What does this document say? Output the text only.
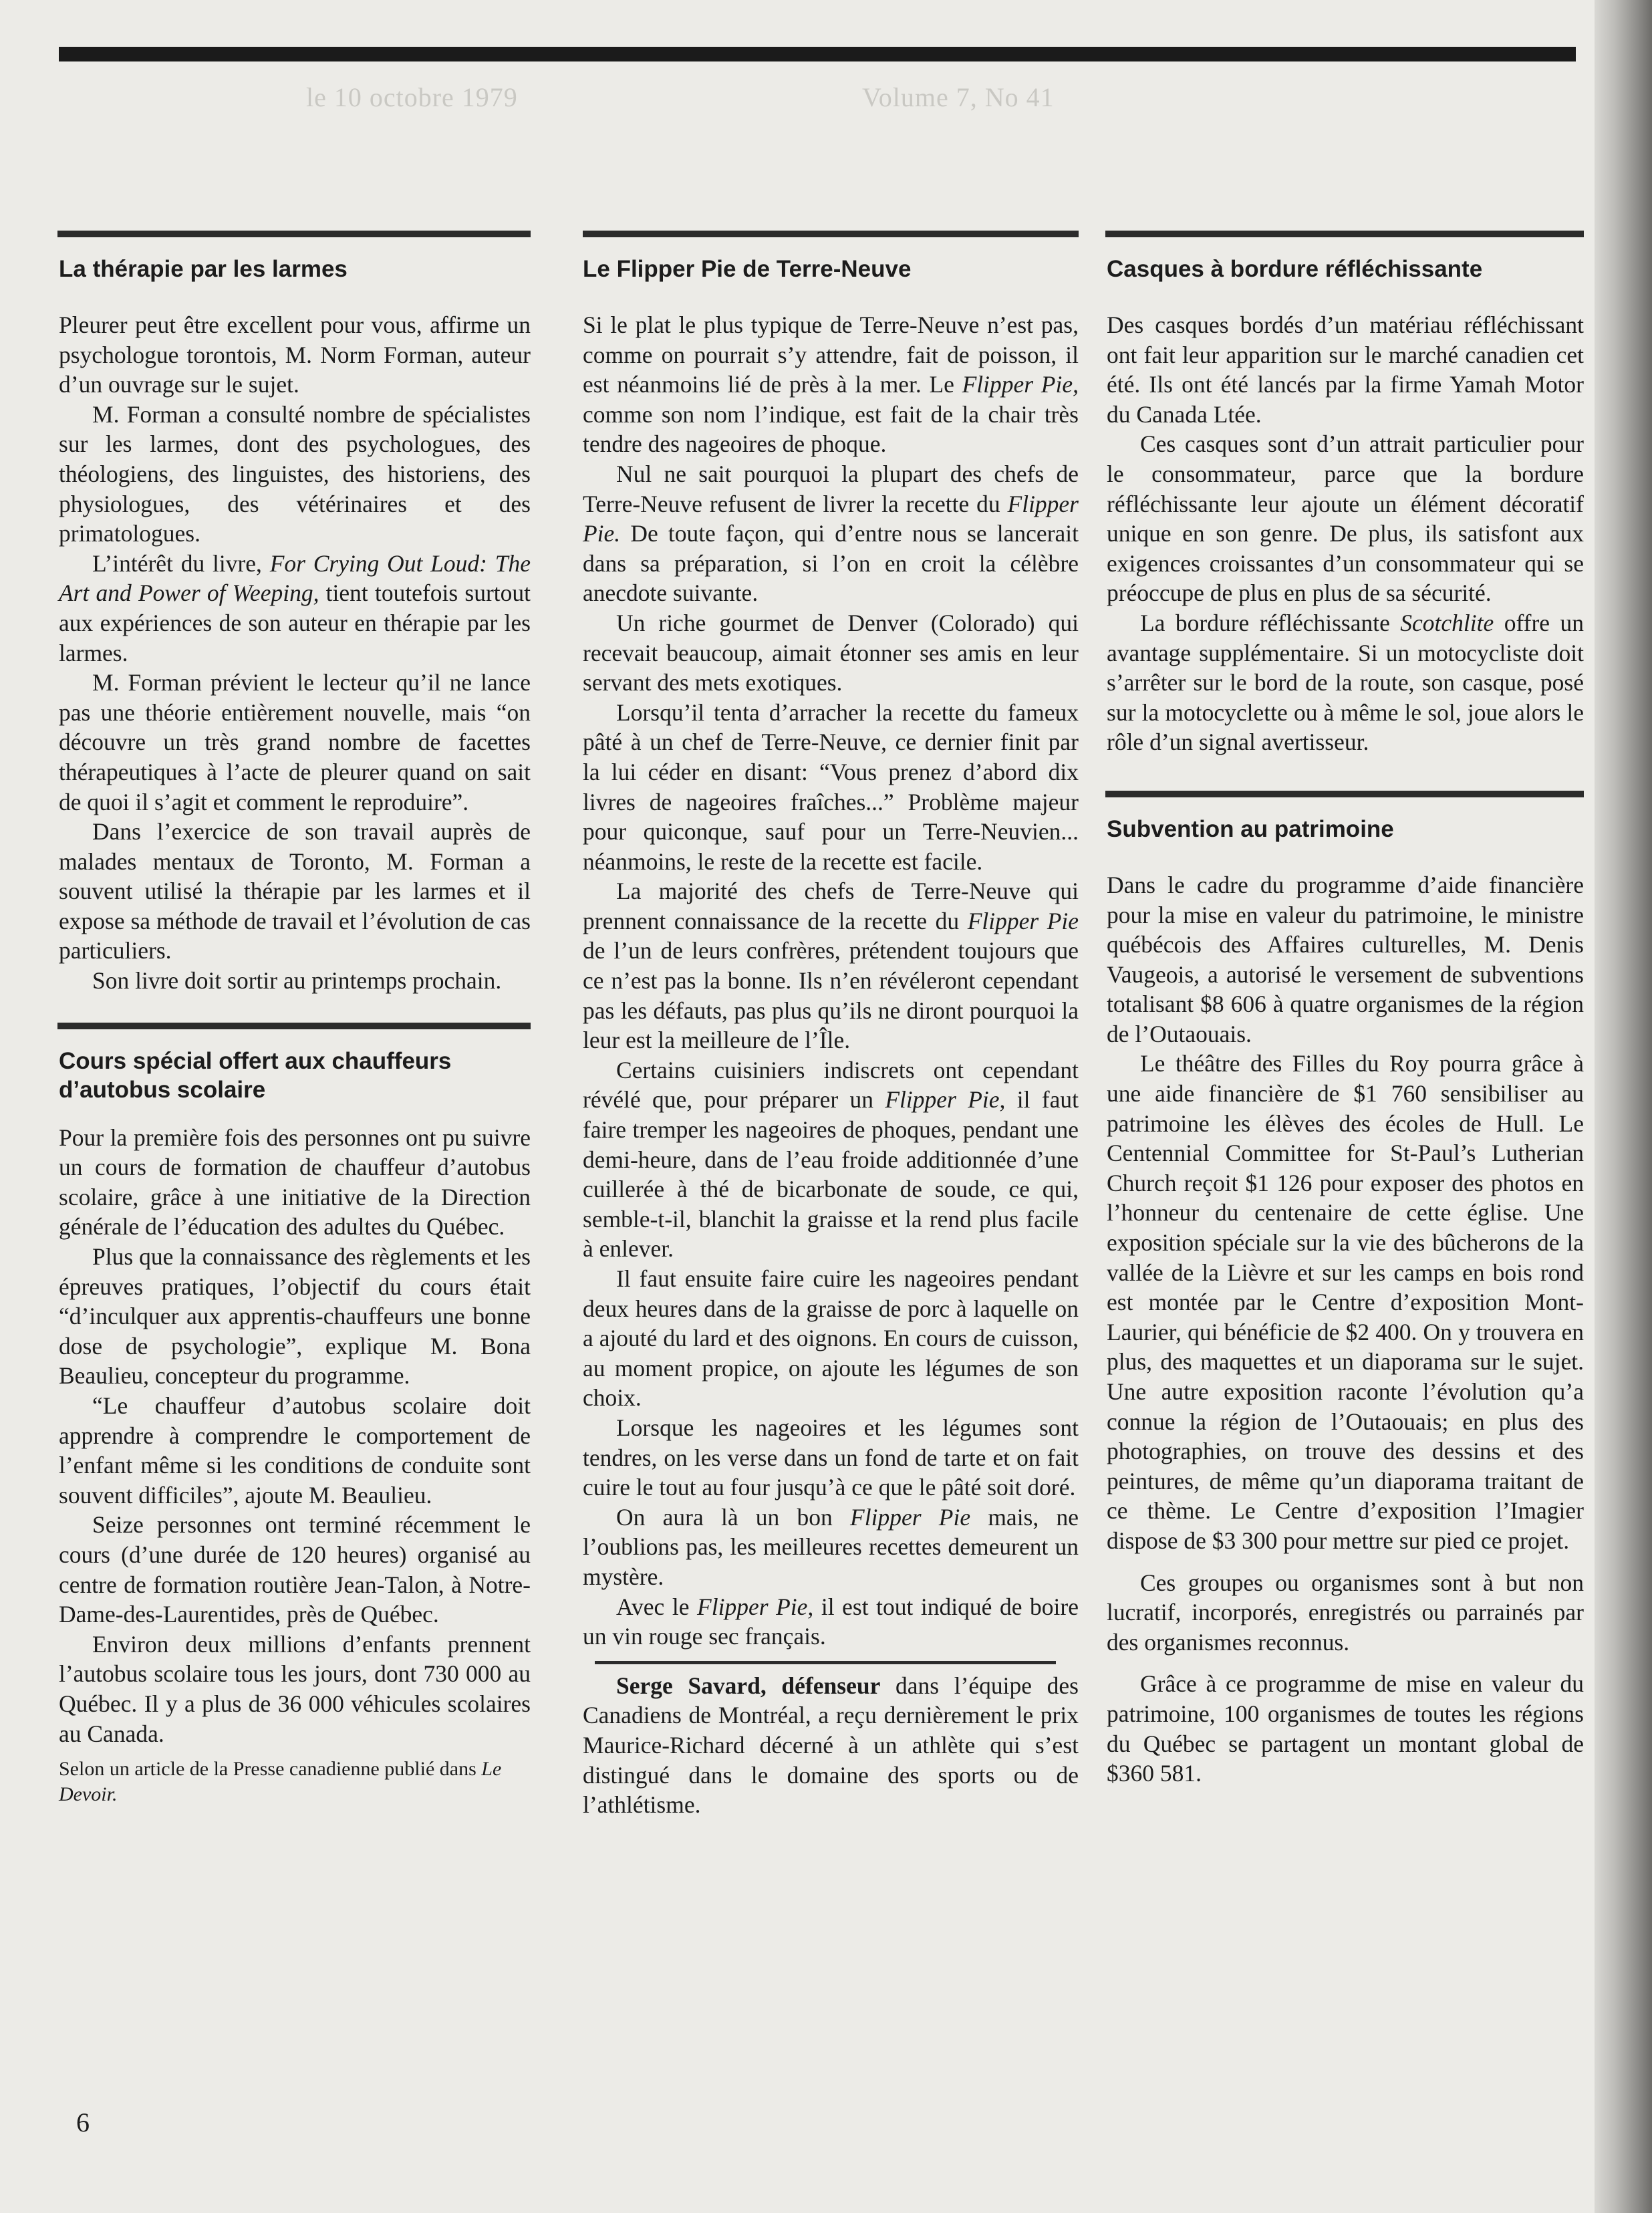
Volume 7, No 41
le 10 octobre 1979
La thérapie par les larmes

Pleurer peut être excellent pour vous, affirme un psychologue torontois, M. Norm Forman, auteur d’un ouvrage sur le sujet.

M. Forman a consulté nombre de spécialistes sur les larmes, dont des psychologues, des théologiens, des linguistes, des historiens, des physiologues, des vétérinaires et des primatologues.

L’intérêt du livre, For Crying Out Loud: The Art and Power of Weeping, tient toutefois surtout aux expériences de son auteur en thérapie par les larmes.

M. Forman prévient le lecteur qu’il ne lance pas une théorie entièrement nouvelle, mais “on découvre un très grand nombre de facettes thérapeutiques à l’acte de pleurer quand on sait de quoi il s’agit et comment le reproduire”.

Dans l’exercice de son travail auprès de malades mentaux de Toronto, M. Forman a souvent utilisé la thérapie par les larmes et il expose sa méthode de travail et l’évolution de cas particuliers.

Son livre doit sortir au printemps prochain.

Cours spécial offert aux chauffeurs d’autobus scolaire

Pour la première fois des personnes ont pu suivre un cours de formation de chauffeur d’autobus scolaire, grâce à une initiative de la Direction générale de l’éducation des adultes du Québec.

Plus que la connaissance des règlements et les épreuves pratiques, l’objectif du cours était “d’inculquer aux apprentis-chauffeurs une bonne dose de psychologie”, explique M. Bona Beaulieu, concepteur du programme.

“Le chauffeur d’autobus scolaire doit apprendre à comprendre le comportement de l’enfant même si les conditions de conduite sont souvent difficiles”, ajoute M. Beaulieu.

Seize personnes ont terminé récemment le cours (d’une durée de 120 heures) organisé au centre de formation routière Jean-Talon, à Notre-Dame-des-Laurentides, près de Québec.

Environ deux millions d’enfants prennent l’autobus scolaire tous les jours, dont 730 000 au Québec. Il y a plus de 36 000 véhicules scolaires au Canada.

Selon un article de la Presse canadienne publié dans Le Devoir.

Le Flipper Pie de Terre-Neuve

Si le plat le plus typique de Terre-Neuve n’est pas, comme on pourrait s’y attendre, fait de poisson, il est néanmoins lié de près à la mer. Le Flipper Pie, comme son nom l’indique, est fait de la chair très tendre des nageoires de phoque.

Nul ne sait pourquoi la plupart des chefs de Terre-Neuve refusent de livrer la recette du Flipper Pie. De toute façon, qui d’entre nous se lancerait dans sa préparation, si l’on en croit la célèbre anecdote suivante.

Un riche gourmet de Denver (Colorado) qui recevait beaucoup, aimait étonner ses amis en leur servant des mets exotiques.

Lorsqu’il tenta d’arracher la recette du fameux pâté à un chef de Terre-Neuve, ce dernier finit par la lui céder en disant: “Vous prenez d’abord dix livres de nageoires fraîches...” Problème majeur pour quiconque, sauf pour un Terre-Neuvien... néanmoins, le reste de la recette est facile.

La majorité des chefs de Terre-Neuve qui prennent connaissance de la recette du Flipper Pie de l’un de leurs confrères, prétendent toujours que ce n’est pas la bonne. Ils n’en révéleront cependant pas les défauts, pas plus qu’ils ne diront pourquoi la leur est la meilleure de l’Île.

Certains cuisiniers indiscrets ont cependant révélé que, pour préparer un Flipper Pie, il faut faire tremper les nageoires de phoques, pendant une demi-heure, dans de l’eau froide additionnée d’une cuillerée à thé de bicarbonate de soude, ce qui, semble-t-il, blanchit la graisse et la rend plus facile à enlever.

Il faut ensuite faire cuire les nageoires pendant deux heures dans de la graisse de porc à laquelle on a ajouté du lard et des oignons. En cours de cuisson, au moment propice, on ajoute les légumes de son choix.

Lorsque les nageoires et les légumes sont tendres, on les verse dans un fond de tarte et on fait cuire le tout au four jusqu’à ce que le pâté soit doré.

On aura là un bon Flipper Pie mais, ne l’oublions pas, les meilleures recettes demeurent un mystère.

Avec le Flipper Pie, il est tout indiqué de boire un vin rouge sec français.

Serge Savard, défenseur dans l’équipe des Canadiens de Montréal, a reçu dernièrement le prix Maurice-Richard décerné à un athlète qui s’est distingué dans le domaine des sports ou de l’athlétisme.

Casques à bordure réfléchissante

Des casques bordés d’un matériau réfléchissant ont fait leur apparition sur le marché canadien cet été. Ils ont été lancés par la firme Yamah Motor du Canada Ltée.

Ces casques sont d’un attrait particulier pour le consommateur, parce que la bordure réfléchissante leur ajoute un élément décoratif unique en son genre. De plus, ils satisfont aux exigences croissantes d’un consommateur qui se préoccupe de plus en plus de sa sécurité.

La bordure réfléchissante Scotchlite offre un avantage supplémentaire. Si un motocycliste doit s’arrêter sur le bord de la route, son casque, posé sur la motocyclette ou à même le sol, joue alors le rôle d’un signal avertisseur.

Subvention au patrimoine

Dans le cadre du programme d’aide financière pour la mise en valeur du patrimoine, le ministre québécois des Affaires culturelles, M. Denis Vaugeois, a autorisé le versement de subventions totalisant $8 606 à quatre organismes de la région de l’Outaouais.

Le théâtre des Filles du Roy pourra grâce à une aide financière de $1 760 sensibiliser au patrimoine les élèves des écoles de Hull. Le Centennial Committee for St-Paul’s Lutherian Church reçoit $1 126 pour exposer des photos en l’honneur du centenaire de cette église. Une exposition spéciale sur la vie des bûcherons de la vallée de la Lièvre et sur les camps en bois rond est montée par le Centre d’exposition Mont-Laurier, qui bénéficie de $2 400. On y trouvera en plus, des maquettes et un diaporama sur le sujet. Une autre exposition raconte l’évolution qu’a connue la région de l’Outaouais; en plus des photographies, on trouve des dessins et des peintures, de même qu’un diaporama traitant de ce thème. Le Centre d’exposition l’Imagier dispose de $3 300 pour mettre sur pied ce projet.

Ces groupes ou organismes sont à but non lucratif, incorporés, enregistrés ou parrainés par des organismes reconnus.

Grâce à ce programme de mise en valeur du patrimoine, 100 organismes de toutes les régions du Québec se partagent un montant global de $360 581.

6
